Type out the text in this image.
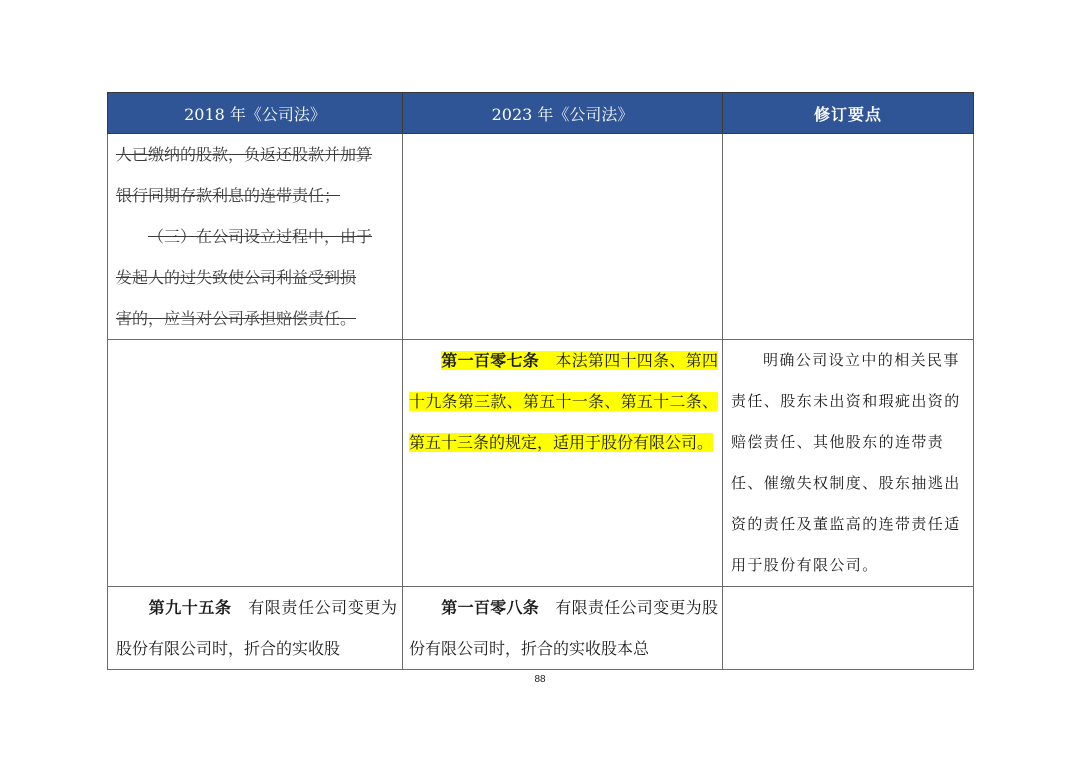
2018 年《公司法》	2023 年《公司法》	修订要点

人已缴纳的股款，负返还股款并加算
银行同期存款利息的连带责任；
（三）在公司设立过程中，由于
发起人的过失致使公司利益受到损
害的，应当对公司承担赔偿责任。		

	第一百零七条 本法第四十四条、第四十九条第三款、第五十一条、第五十二条、第五十三条的规定，适用于股份有限公司。	明确公司设立中的相关民事责任、股东未出资和瑕疵出资的赔偿责任、其他股东的连带责任、催缴失权制度、股东抽逃出资的责任及董监高的连带责任适用于股份有限公司。

第九十五条 有限责任公司变更为股份有限公司时，折合的实收股	第一百零八条 有限责任公司变更为股份有限公司时，折合的实收股本总	

88
